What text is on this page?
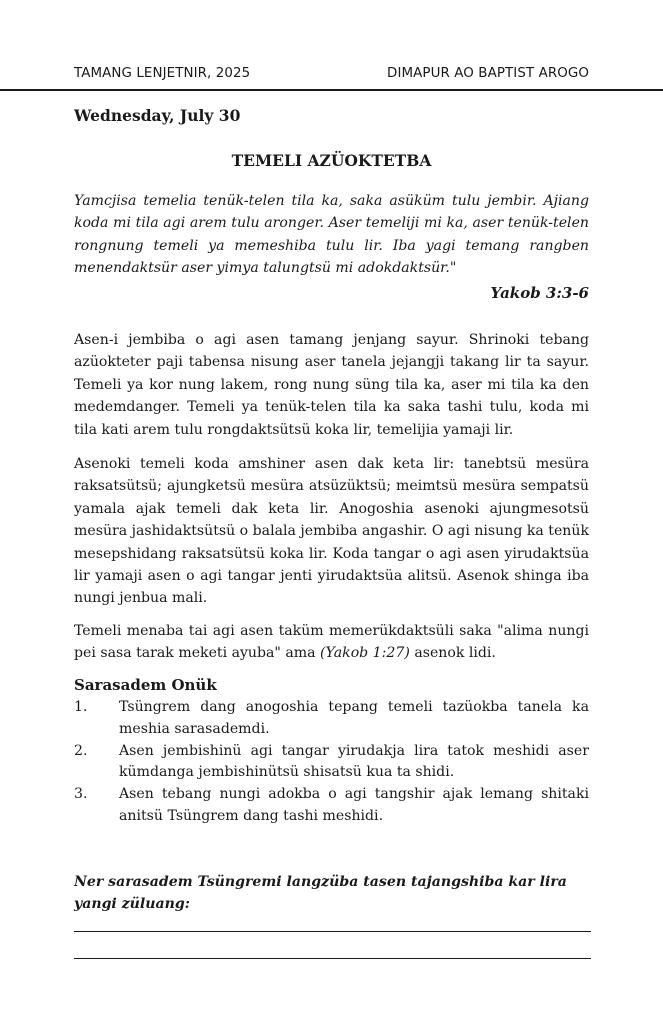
TAMANG LENJETNIR, 2025	DIMAPUR AO BAPTIST AROGO
Wednesday, July 30
TEMELI AZÜOKTETBA
Yamcjisa temelia tenük-telen tila ka, saka asüküm tulu jembir. Ajiang koda mi tila agi arem tulu aronger. Aser temeliji mi ka, aser tenük-telen rongnung temeli ya memeshiba tulu lir. Iba yagi temang rangben menendaktsür aser yimya talungtsü mi adokdaktsür."
Yakob 3:3-6

Asen-i jembiba o agi asen tamang jenjang sayur. Shrinoki tebang azüokteter paji tabensa nisung aser tanela jejangji takang lir ta sayur. Temeli ya kor nung lakem, rong nung süng tila ka, aser mi tila ka den medemdanger. Temeli ya tenük-telen tila ka saka tashi tulu, koda mi tila kati arem tulu rongdaktsütsü koka lir, temelijia yamaji lir.

Asenoki temeli koda amshiner asen dak keta lir: tanebtsü mesüra raksatsütsü; ajungketsü mesüra atsüzüktsü; meimtsü mesüra sempatsü yamala ajak temeli dak keta lir. Anogoshia asenoki ajungmesotsü mesüra jashidaktsütsü o balala jembiba angashir. O agi nisung ka tenük mesepshidang raksatsütsü koka lir. Koda tangar o agi asen yirudaktsüa lir yamaji asen o agi tangar jenti yirudaktsüa alitsü. Asenok shinga iba nungi jenbua mali.

Temeli menaba tai agi asen taküm memerükdaktsüli saka "alima nungi pei sasa tarak meketi ayuba" ama (Yakob 1:27) asenok lidi.

Sarasadem Onük
1.	Tsüngrem dang anogoshia tepang temeli tazüokba tanela ka meshia sarasademdi.
2.	Asen jembishinü agi tangar yirudakja lira tatok meshidi aser kümdanga jembishinütsü shisatsü kua ta shidi.
3.	Asen tebang nungi adokba o agi tangshir ajak lemang shitaki anitsü Tsüngrem dang tashi meshidi.
Ner sarasadem Tsüngremi langzüba tasen tajangshiba kar lira yangi züluang:
